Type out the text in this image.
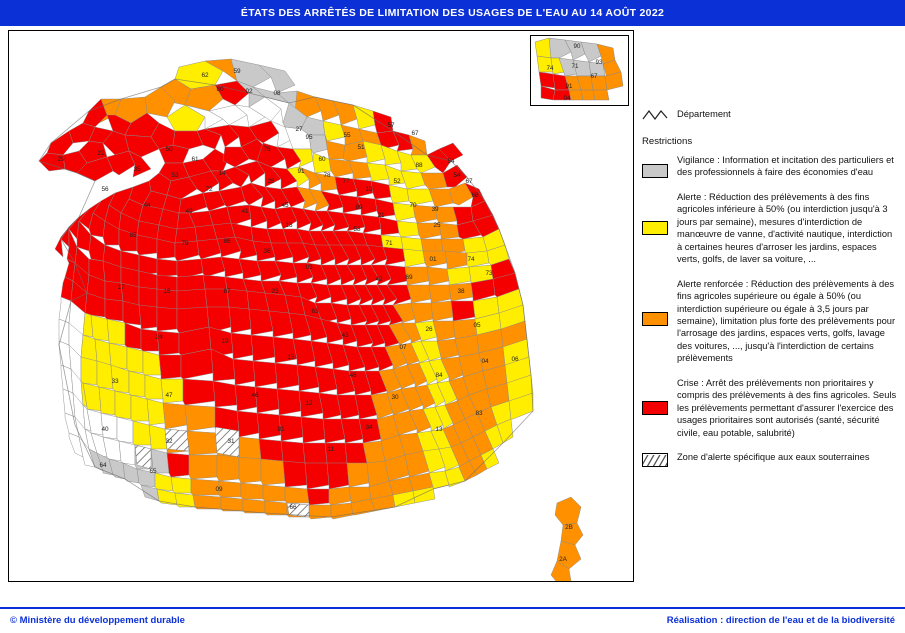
ÉTATS DES ARRÊTÉS DE LIMITATION DES USAGES DE L'EAU AU 14 AOÛT 2022
62
59
80	02	08
76
60
95
51
55
57
67
14
27
78
77
10
52
54
88
67
68
50
61
28
91
89
21
70
54
29
22
35
53
72
45
58
25
39
56
44
49	41
18
71
01	74
73
85
79	86
36
03
42	69
38
17
16	87	23
63
43
07
26
05
24
19
15
48
30
84
04	06
33
47	46
12
34	13
83
40
32	31
81
11
64
65
09
66
2B
2A
90
74	71
93
67
91
04
Département
Restrictions
Vigilance : Information et incitation des particuliers et des professionnels à faire des économies d'eau
Alerte : Réduction des prélèvements à des fins agricoles inférieure à 50% (ou interdiction jusqu'à 3 jours par semaine), mesures d'interdiction de manœuvre de vanne, d'activité nautique, interdiction à certaines heures d'arroser les jardins, espaces verts, golfs, de laver sa voiture, ...
Alerte renforcée : Réduction des prélèvements à des fins agricoles supérieure ou égale à 50% (ou interdiction supérieure ou égale à 3,5 jours par semaine), limitation plus forte des prélèvements pour l'arrosage des jardins, espaces verts, golfs, lavage des voitures, ..., jusqu'à l'interdiction de certains prélèvements
Crise : Arrêt des prélèvements non prioritaires y compris des prélèvements à des fins agricoles. Seuls les prélèvements permettant d'assurer l'exercice des usages prioritaires sont autorisés (santé, sécurité civile, eau potable, salubrité)
Zone d'alerte spécifique aux eaux souterraines
© Ministère du développement durable	Réalisation : direction de l'eau et de la biodiversité
